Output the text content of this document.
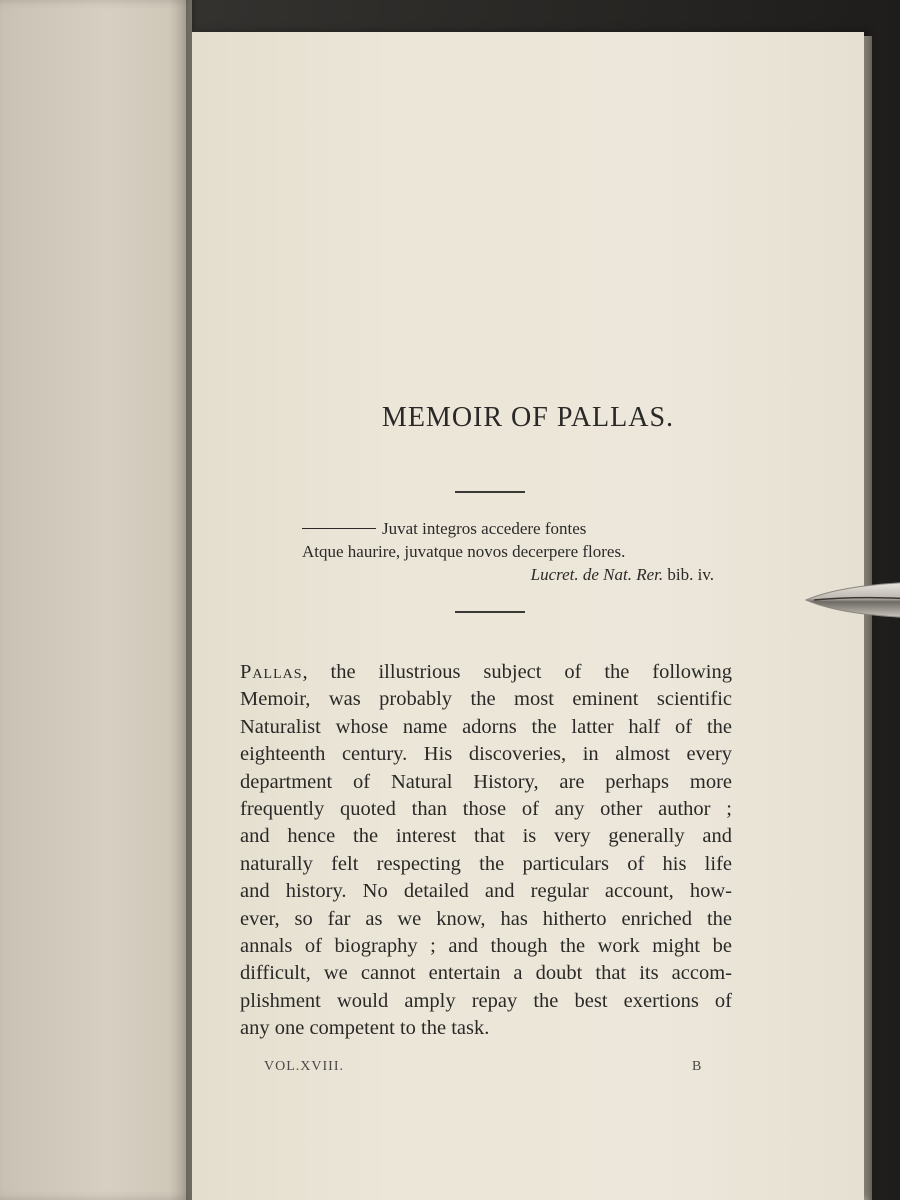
MEMOIR OF PALLAS.
Juvat integros accedere fontes
Atque haurire, juvatque novos decerpere flores.
Lucret. de Nat. Rer. bib. iv.
Pallas, the illustrious subject of the following
Memoir, was probably the most eminent scientific
Naturalist whose name adorns the latter half of the
eighteenth century. His discoveries, in almost every
department of Natural History, are perhaps more
frequently quoted than those of any other author ;
and hence the interest that is very generally and
naturally felt respecting the particulars of his life
and history. No detailed and regular account, how-
ever, so far as we know, has hitherto enriched the
annals of biography ; and though the work might be
difficult, we cannot entertain a doubt that its accom-
plishment would amply repay the best exertions of
any one competent to the task.
VOL.XVIII.	B
